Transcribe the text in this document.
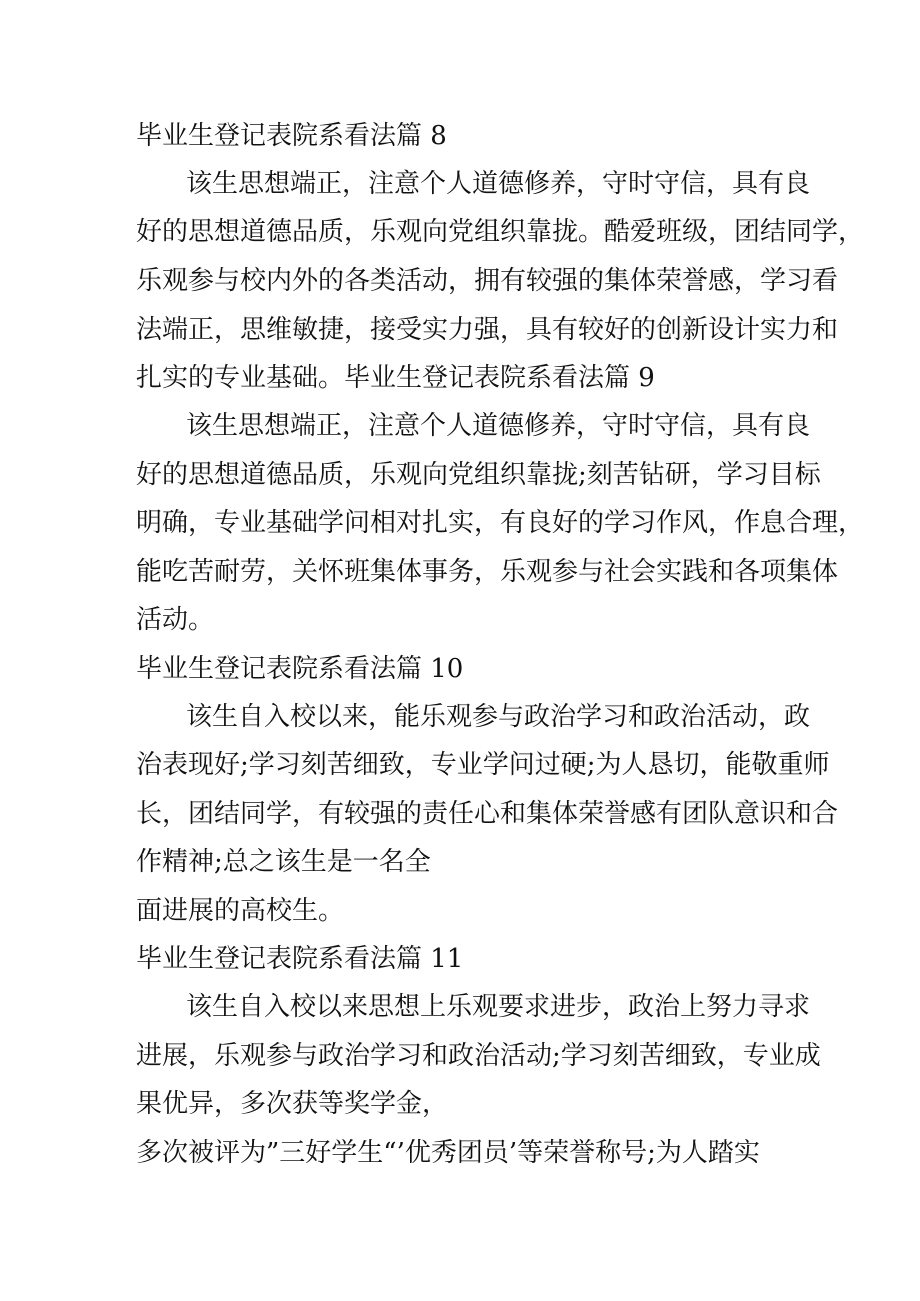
毕业生登记表院系看法篇 8
该生思想端正，注意个人道德修养，守时守信，具有良
好的思想道德品质，乐观向党组织靠拢。酷爱班级，团结同学，
乐观参与校内外的各类活动，拥有较强的集体荣誉感，学习看
法端正，思维敏捷，接受实力强，具有较好的创新设计实力和
扎实的专业基础。毕业生登记表院系看法篇 9
该生思想端正，注意个人道德修养，守时守信，具有良
好的思想道德品质，乐观向党组织靠拢;刻苦钻研，学习目标
明确，专业基础学问相对扎实，有良好的学习作风，作息合理，
能吃苦耐劳，关怀班集体事务，乐观参与社会实践和各项集体
活动。
毕业生登记表院系看法篇 10
该生自入校以来，能乐观参与政治学习和政治活动，政
治表现好;学习刻苦细致，专业学问过硬;为人恳切，能敬重师
长，团结同学，有较强的责任心和集体荣誉感有团队意识和合
作精神;总之该生是一名全
面进展的高校生。
毕业生登记表院系看法篇 11
该生自入校以来思想上乐观要求进步，政治上努力寻求
进展，乐观参与政治学习和政治活动;学习刻苦细致，专业成
果优异，多次获等奖学金，
多次被评为”三好学生“’优秀团员’等荣誉称号;为人踏实
